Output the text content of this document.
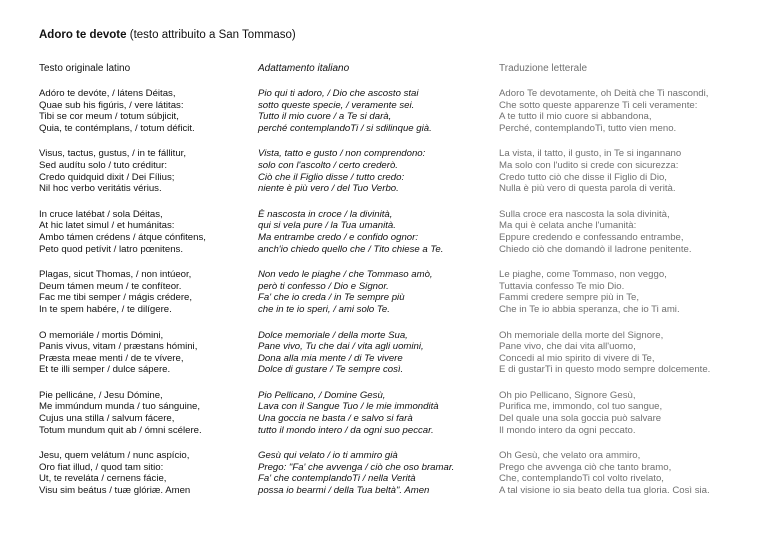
Adoro te devote (testo attribuito a San Tommaso)
Testo originale latino
Adóro te devóte, / látens Déitas,
Quae sub his figúris, / vere látitas:
Tibi se cor meum / totum súbjicit,
Quia, te contémplans, / totum déficit.
Visus, tactus, gustus, / in te fállitur,
Sed audítu solo / tuto créditur:
Credo quidquid dixit / Dei Fílius;
Nil hoc verbo veritátis vérius.
In cruce latébat / sola Déitas,
At hic latet simul / et humánitas:
Ambo támen crédens / átque cónfitens,
Peto quod petívit / latro pœnitens.
Plagas, sicut Thomas, / non intúeor,
Deum támen meum / te confíteor.
Fac me tibi semper / mágis crédere,
In te spem habére, / te dilígere.
O memoriále / mortis Dómini,
Panis vivus, vitam / præstans hómini,
Præsta meae menti / de te vívere,
Et te illi semper / dulce sápere.
Pie pellicáne, / Jesu Dómine,
Me immúndum munda / tuo sánguine,
Cujus una stilla / salvum fácere,
Totum mundum quit ab / ómni scélere.
Jesu, quem velátum / nunc aspício,
Oro fiat illud, / quod tam sitio:
Ut, te reveláta / cernens fácie,
Visu sim beátus / tuæ glóriæ. Amen
Adattamento italiano
Pio qui ti adoro, / Dio che ascosto stai
sotto queste specie, / veramente sei.
Tutto il mio cuore / a Te si darà,
perché contemplandoTi / si sdilinque già.
Vista, tatto e gusto / non comprendono:
solo con l'ascolto / certo crederò.
Ciò che il Figlio disse / tutto credo:
niente è più vero / del Tuo Verbo.
È nascosta in croce / la divinità,
qui si vela pure / la Tua umanità.
Ma entrambe credo / e confido ognor:
anch'io chiedo quello che / Tito chiese a Te.
Non vedo le piaghe / che Tommaso amò,
però ti confesso / Dio e Signor.
Fa' che io creda / in Te sempre più
che in te io speri, / ami solo Te.
Dolce memoriale / della morte Sua,
Pane vivo, Tu che dai / vita agli uomini,
Dona alla mia mente / di Te vivere
Dolce di gustare / Te sempre così.
Pio Pellicano, / Domine Gesù,
Lava con il Sangue Tuo / le mie immondità
Una goccia ne basta / e salvo si farà
tutto il mondo intero / da ogni suo peccar.
Gesù qui velato / io ti ammiro già
Prego: "Fa' che avvenga / ciò che oso bramar.
Fa' che contemplandoTi / nella Verità
possa io bearmi / della Tua beltà". Amen
Traduzione letterale
Adoro Te devotamente, oh Deità che Ti nascondi,
Che sotto queste apparenze Ti celi veramente:
A te tutto il mio cuore si abbandona,
Perché, contemplandoTi, tutto vien meno.
La vista, il tatto, il gusto, in Te si ingannano
Ma solo con l'udito si crede con sicurezza:
Credo tutto ciò che disse il Figlio di Dio,
Nulla è più vero di questa parola di verità.
Sulla croce era nascosta la sola divinità,
Ma qui è celata anche l'umanità:
Eppure credendo e confessando entrambe,
Chiedo ciò che domandò il ladrone penitente.
Le piaghe, come Tommaso, non veggo,
Tuttavia confesso Te mio Dio.
Fammi credere sempre più in Te,
Che in Te io abbia speranza, che io Ti ami.
Oh memoriale della morte del Signore,
Pane vivo, che dai vita all'uomo,
Concedi al mio spirito di vivere di Te,
E di gustarTi in questo modo sempre dolcemente.
Oh pio Pellicano, Signore Gesù,
Purifica me, immondo, col tuo sangue,
Del quale una sola goccia può salvare
Il mondo intero da ogni peccato.
Oh Gesù, che velato ora ammiro,
Prego che avvenga ciò che tanto bramo,
Che, contemplandoTi col volto rivelato,
A tal visione io sia beato della tua gloria. Così sia.
